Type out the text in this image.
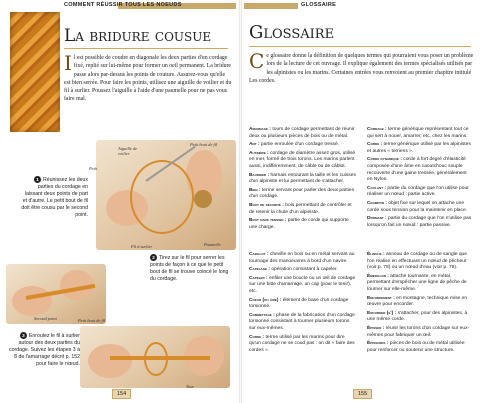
COMMENT RÉUSSIR TOUS LES NOEUDS
La bridure cousue

Il est possible de coudre en diagonale les deux parties d'un cordage fixé, replié sur lui-même pour former un oeil permanent. La bridure passe alors par-dessus les points de couture. Assurez-vous qu'elle est bien serrée. Pour faire les points, utilisez une aiguille de voilier et du fil à surlier. Poussez l'aiguille à l'aide d'une paumelle pour ne pas vous faire mal.

Aiguille de voilier
Petit bout de fil
Fil à surlier	Paumelle
Petit

1 Réunissez les deux parties du cordage en laissant deux points de part et d'autre. Le petit bout de fil doit être cousu par le second point.

Second point	Petit bout de fil

2 Tirez sur le fil pour serrer les points de façon à ce que le petit bout de fil se trouve coincé le long du cordage.

Tour

3 Enroulez le fil à surlier autour des deux parties du cordage. Suivez les étapes 3 à 8 de l'amarrage décrit p. 152 pour faire le nœud.

154
GLOSSAIRE
Glossaire

Ce glossaire donne la définition de quelques termes qui pourraient vous poser un problème lors de la lecture de cet ouvrage. Il explique également des termes spécialisés utilisés par les alpinistes ou les marins. Certaines entrées vous renvoient au premier chapitre intitulé Les cordes.

Amarrage : tours de cordage permettant de réunir deux ou plusieurs pièces de bois ou de métal.

Ant : partie enroulée d'un cordage tressé.

Aussière : cordage de diamètre assez gros, utilisé en mer, formé de trois torons. Les marins parlent aussi, indifféremment, de câble ou de câblot.

Baudrier : harnais entourant la taille et les cuisses d'un alpiniste et lui permettant de s'attacher.

Bien : terme servant pour parler des deux parties d'un cordage.

Bout de sécurité : bois permettant de contrôler et de retenir la chute d'un alpiniste.

Bout dans tension : partie de corde qui supporte une charge.

Cabillot : cheville en bois ou en métal servant au tournage des manoeuvres à bord d'un navire.

Capelage : opération consistant à capeler.

Capeler : enfiler une boucle ou un œil de cordage sur une bitte d'amarrage, un cap (pour le tenir), etc.

Coeur (ou âme) : élément de base d'un cordage torsionné.

Commettage : phase de la fabrication d'un cordage torsionné consistant à tourner plusieurs torons sur eux-mêmes.

Corde : terme utilisé par les marins pour dire qu'un cordage ne se coud pas : on dit « faire des cordes ».

Cordage : terme générique représentant tout ce qui sert à nouer, amarrer, etc. chez les marins.

Corde : terme générique utilisé par les alpinistes et autres « terriens ».

Corde dynamique : corde à fort degré d'élasticité composée d'une âme en caoutchouc souple recouverte d'une gaine tressée, généralement en Nylon.

Coulant : partie du cordage que l'on utilise pour réaliser un nœud : partie active.

Crampon : objet fixe sur lequel on attache une corde sous tension pour la maintenir en place.

Dormant : partie du cordage que l'on n'utilise pas lorsqu'on fait un nœud : partie passive.

Élingue : anneau de cordage ou de sangle que l'on réalise en effectuant un nœud de pêcheur (voir p. 78) ou un nœud d'eau (voir p. 79).

Émerillon : attache tournante, en métal, permettant d'empêcher une ligne de pêche de tourner sur elle-même.

Encordement : en montagne, technique mise en œuvre pour encorder.

Encorder (s') : s'attacher, pour des alpinistes, à une même corde.

Épisser : réunir les torons d'un cordage sur eux-mêmes pour fabriquer un œil.

Épissures : pièces de bois ou de métal utilisée pour renforcer ou soutenir une structure.

155
